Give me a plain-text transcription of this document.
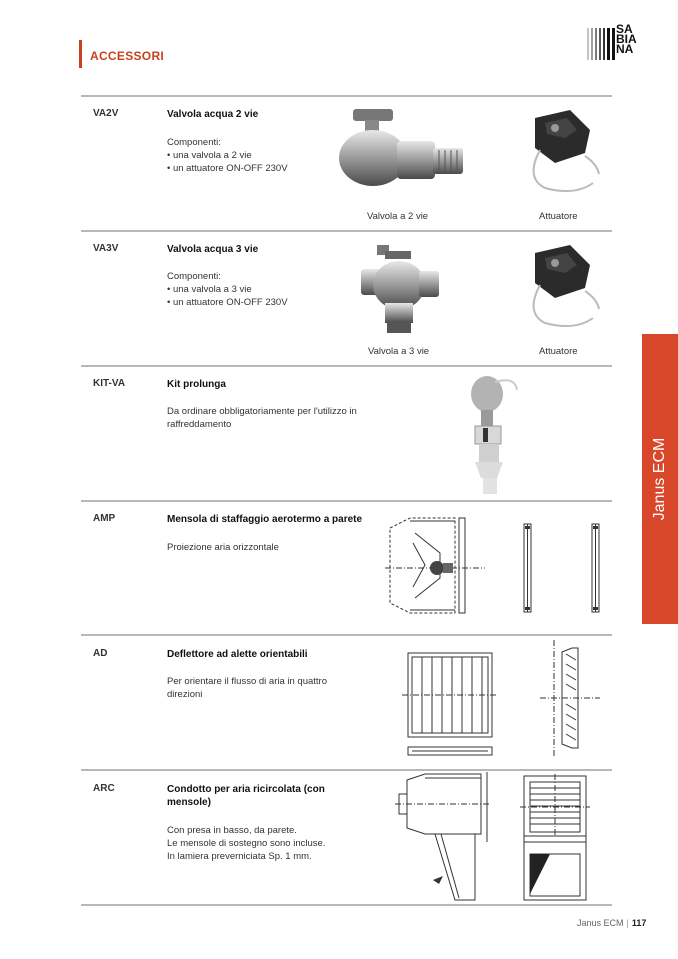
ACCESSORI
SA
BIA
NA
Janus ECM
VA2V	Valvola acqua 2 vie
Componenti:
• una valvola a 2 vie
• un attuatore ON-OFF 230V
Valvola a 2 vie	Attuatore
VA3V	Valvola acqua 3 vie
Componenti:
• una valvola a 3 vie
• un attuatore ON-OFF 230V
Valvola a 3 vie	Attuatore
KIT-VA	Kit prolunga
Da ordinare obbligatoriamente per l'utilizzo in
raffreddamento
AMP	Mensola di staffaggio aerotermo a parete
Proiezione aria orizzontale
AD	Deflettore ad alette orientabili
Per orientare il flusso di aria in quattro
direzioni
ARC	Condotto per aria ricircolata (con
mensole)
Con presa in basso, da parete.
Le mensole di sostegno sono incluse.
In lamiera preverniciata Sp. 1 mm.
Janus ECM | 117
